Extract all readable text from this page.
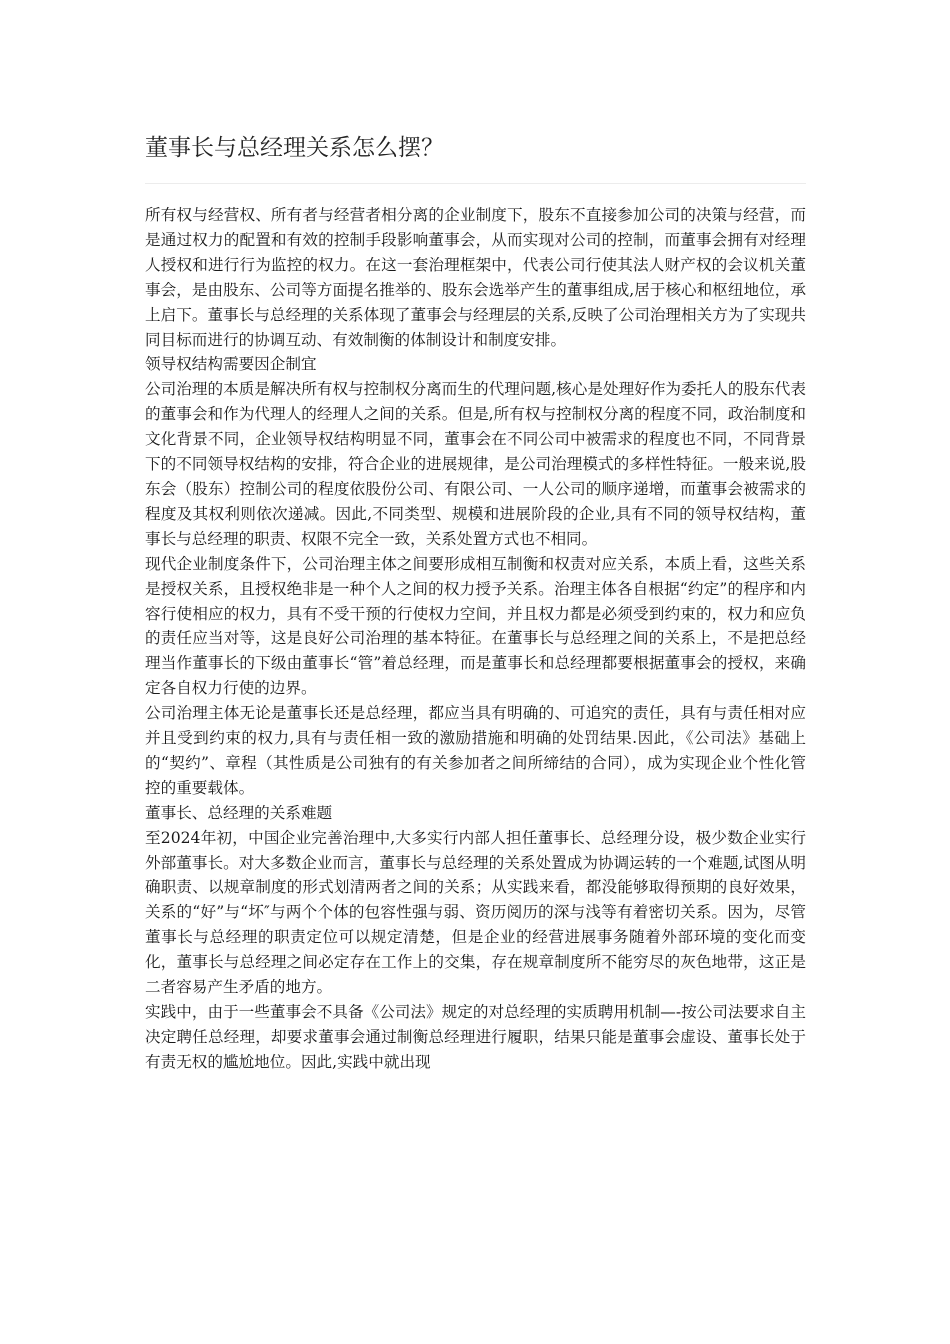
董事长与总经理关系怎么摆？

所有权与经营权、所有者与经营者相分离的企业制度下，股东不直接参加公司的决策与经营，而是通过权力的配置和有效的控制手段影响董事会，从而实现对公司的控制，而董事会拥有对经理人授权和进行行为监控的权力。在这一套治理框架中，代表公司行使其法人财产权的会议机关董事会，是由股东、公司等方面提名推举的、股东会选举产生的董事组成,居于核心和枢纽地位，承上启下。董事长与总经理的关系体现了董事会与经理层的关系,反映了公司治理相关方为了实现共同目标而进行的协调互动、有效制衡的体制设计和制度安排。

领导权结构需要因企制宜

公司治理的本质是解决所有权与控制权分离而生的代理问题,核心是处理好作为委托人的股东代表的董事会和作为代理人的经理人之间的关系。但是,所有权与控制权分离的程度不同，政治制度和文化背景不同，企业领导权结构明显不同，董事会在不同公司中被需求的程度也不同，不同背景下的不同领导权结构的安排，符合企业的进展规律，是公司治理模式的多样性特征。一般来说,股东会（股东）控制公司的程度依股份公司、有限公司、一人公司的顺序递增，而董事会被需求的程度及其权利则依次递减。因此,不同类型、规模和进展阶段的企业,具有不同的领导权结构，董事长与总经理的职责、权限不完全一致，关系处置方式也不相同。

现代企业制度条件下，公司治理主体之间要形成相互制衡和权责对应关系，本质上看，这些关系是授权关系，且授权绝非是一种个人之间的权力授予关系。治理主体各自根据“约定”的程序和内容行使相应的权力，具有不受干预的行使权力空间，并且权力都是必须受到约束的，权力和应负的责任应当对等，这是良好公司治理的基本特征。在董事长与总经理之间的关系上，不是把总经理当作董事长的下级由董事长“管”着总经理，而是董事长和总经理都要根据董事会的授权，来确定各自权力行使的边界。

公司治理主体无论是董事长还是总经理，都应当具有明确的、可追究的责任，具有与责任相对应并且受到约束的权力,具有与责任相一致的激励措施和明确的处罚结果.因此，《公司法》基础上的“契约”、章程（其性质是公司独有的有关参加者之间所缔结的合同），成为实现企业个性化管控的重要载体。

董事长、总经理的关系难题

至2024年初，中国企业完善治理中,大多实行内部人担任董事长、总经理分设，极少数企业实行外部董事长。对大多数企业而言，董事长与总经理的关系处置成为协调运转的一个难题,试图从明确职责、以规章制度的形式划清两者之间的关系；从实践来看，都没能够取得预期的良好效果，关系的“好”与“坏″与两个个体的包容性强与弱、资历阅历的深与浅等有着密切关系。因为，尽管董事长与总经理的职责定位可以规定清楚，但是企业的经营进展事务随着外部环境的变化而变化，董事长与总经理之间必定存在工作上的交集，存在规章制度所不能穷尽的灰色地带，这正是二者容易产生矛盾的地方。

实践中，由于一些董事会不具备《公司法》规定的对总经理的实质聘用机制—-按公司法要求自主决定聘任总经理，却要求董事会通过制衡总经理进行履职，结果只能是董事会虚设、董事长处于有责无权的尴尬地位。因此,实践中就出现
